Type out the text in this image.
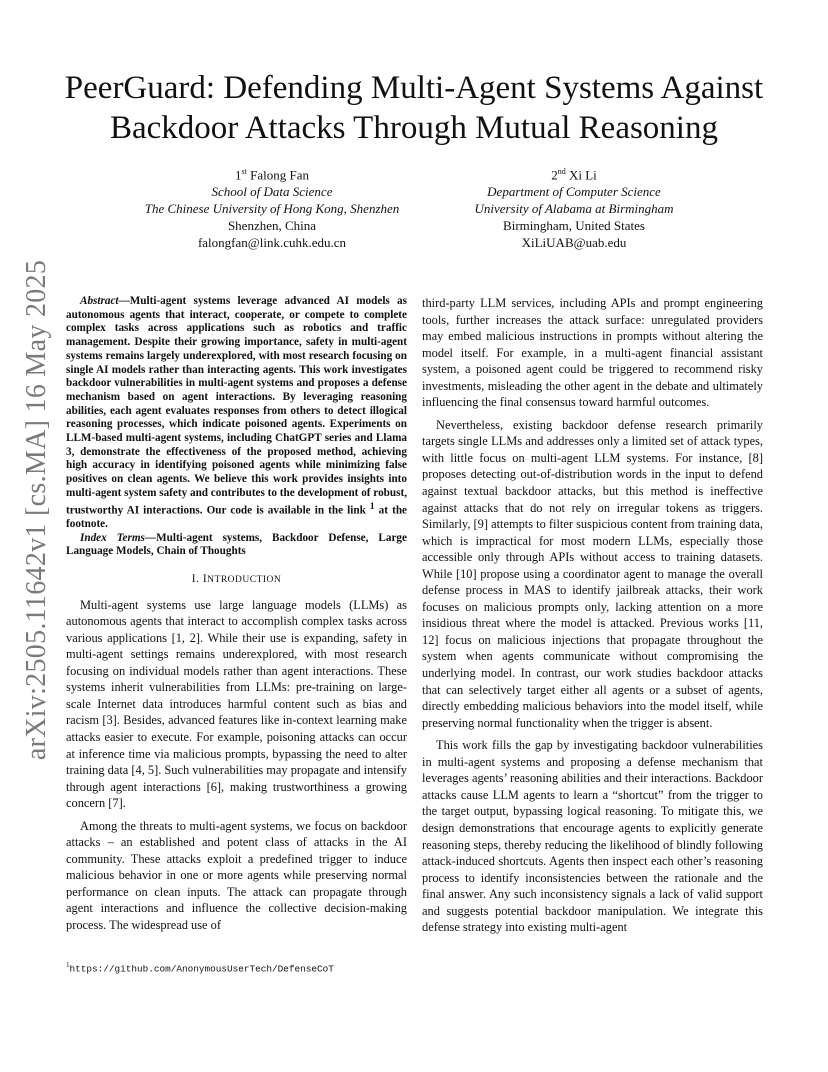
arXiv:2505.11642v1 [cs.MA] 16 May 2025
PeerGuard: Defending Multi-Agent Systems Against
Backdoor Attacks Through Mutual Reasoning
1st Falong Fan
School of Data Science
The Chinese University of Hong Kong, Shenzhen
Shenzhen, China
falongfan@link.cuhk.edu.cn
2nd Xi Li
Department of Computer Science
University of Alabama at Birmingham
Birmingham, United States
XiLiUAB@uab.edu

Abstract—Multi-agent systems leverage advanced AI models as autonomous agents that interact, cooperate, or compete to complete complex tasks across applications such as robotics and traffic management. Despite their growing importance, safety in multi-agent systems remains largely underexplored, with most research focusing on single AI models rather than interacting agents. This work investigates backdoor vulnerabilities in multi-agent systems and proposes a defense mechanism based on agent interactions. By leveraging reasoning abilities, each agent evaluates responses from others to detect illogical reasoning processes, which indicate poisoned agents. Experiments on LLM-based multi-agent systems, including ChatGPT series and Llama 3, demonstrate the effectiveness of the proposed method, achieving high accuracy in identifying poisoned agents while minimizing false positives on clean agents. We believe this work provides insights into multi-agent system safety and contributes to the development of robust, trustworthy AI interactions. Our code is available in the link $^1$ at the footnote.

Index Terms—Multi-agent systems, Backdoor Defense, Large Language Models, Chain of Thoughts

I. INTRODUCTION

Multi-agent systems use large language models (LLMs) as autonomous agents that interact to accomplish complex tasks across various applications [1, 2]. While their use is expanding, safety in multi-agent settings remains underexplored, with most research focusing on individual models rather than agent interactions. These systems inherit vulnerabilities from LLMs: pre-training on large-scale Internet data introduces harmful content such as bias and racism [3]. Besides, advanced features like in-context learning make attacks easier to execute. For example, poisoning attacks can occur at inference time via malicious prompts, bypassing the need to alter training data [4, 5]. Such vulnerabilities may propagate and intensify through agent interactions [6], making trustworthiness a growing concern [7].

Among the threats to multi-agent systems, we focus on backdoor attacks – an established and potent class of attacks in the AI community. These attacks exploit a predefined trigger to induce malicious behavior in one or more agents while preserving normal performance on clean inputs. The attack can propagate through agent interactions and influence the collective decision-making process. The widespread use of

$^1$https://github.com/AnonymousUserTech/DefenseCoT

third-party LLM services, including APIs and prompt engineering tools, further increases the attack surface: unregulated providers may embed malicious instructions in prompts without altering the model itself. For example, in a multi-agent financial assistant system, a poisoned agent could be triggered to recommend risky investments, misleading the other agent in the debate and ultimately influencing the final consensus toward harmful outcomes.

Nevertheless, existing backdoor defense research primarily targets single LLMs and addresses only a limited set of attack types, with little focus on multi-agent LLM systems. For instance, [8] proposes detecting out-of-distribution words in the input to defend against textual backdoor attacks, but this method is ineffective against attacks that do not rely on irregular tokens as triggers. Similarly, [9] attempts to filter suspicious content from training data, which is impractical for most modern LLMs, especially those accessible only through APIs without access to training datasets. While [10] propose using a coordinator agent to manage the overall defense process in MAS to identify jailbreak attacks, their work focuses on malicious prompts only, lacking attention on a more insidious threat where the model is attacked. Previous works [11, 12] focus on malicious injections that propagate throughout the system when agents communicate without compromising the underlying model. In contrast, our work studies backdoor attacks that can selectively target either all agents or a subset of agents, directly embedding malicious behaviors into the model itself, while preserving normal functionality when the trigger is absent.

This work fills the gap by investigating backdoor vulnerabilities in multi-agent systems and proposing a defense mechanism that leverages agents’ reasoning abilities and their interactions. Backdoor attacks cause LLM agents to learn a “shortcut” from the trigger to the target output, bypassing logical reasoning. To mitigate this, we design demonstrations that encourage agents to explicitly generate reasoning steps, thereby reducing the likelihood of blindly following attack-induced shortcuts. Agents then inspect each other’s reasoning process to identify inconsistencies between the rationale and the final answer. Any such inconsistency signals a lack of valid support and suggests potential backdoor manipulation. We integrate this defense strategy into existing multi-agent
